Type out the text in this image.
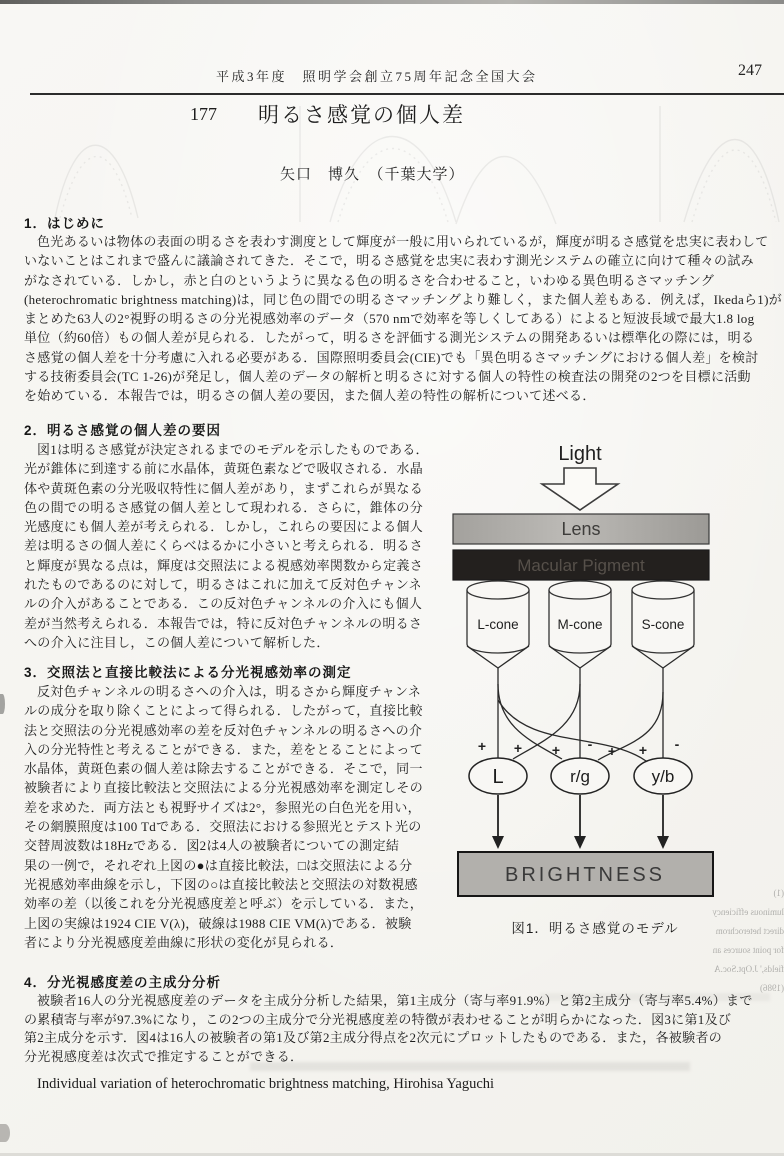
平成3年度　照明学会創立75周年記念全国大会	247
177 明るさ感覚の個人差
矢口　博久　（千葉大学）
1．はじめに
色光あるいは物体の表面の明るさを表わす測度として輝度が一般に用いられているが，輝度が明るさ感覚を忠実に表わして
いないことはこれまで盛んに議論されてきた．そこで，明るさ感覚を忠実に表わす測光システムの確立に向けて種々の試み
がなされている．しかし，赤と白のというように異なる色の明るさを合わせること，いわゆる異色明るさマッチング
(heterochromatic brightness matching)は，同じ色の間での明るさマッチングより難しく，また個人差もある．例えば，Ikedaら1)が
まとめた63人の2°視野の明るさの分光視感効率のデータ（570 nmで効率を等しくしてある）によると短波長域で最大1.8 log
単位（約60倍）もの個人差が見られる．したがって，明るさを評価する測光システムの開発あるいは標準化の際には，明る
さ感覚の個人差を十分考慮に入れる必要がある．国際照明委員会(CIE)でも「異色明るさマッチングにおける個人差」を検討
する技術委員会(TC 1-26)が発足し，個人差のデータの解析と明るさに対する個人の特性の検査法の開発の2つを目標に活動
を始めている．本報告では，明るさの個人差の要因，また個人差の特性の解析について述べる．
2．明るさ感覚の個人差の要因
図1は明るさ感覚が決定されるまでのモデルを示したものである．
光が錐体に到達する前に水晶体，黄斑色素などで吸収される．水晶
体や黄斑色素の分光吸収特性に個人差があり，まずこれらが異なる
色の間での明るさ感覚の個人差として現われる．さらに，錐体の分
光感度にも個人差が考えられる．しかし，これらの要因による個人
差は明るさの個人差にくらべはるかに小さいと考えられる．明るさ
と輝度が異なる点は，輝度は交照法による視感効率関数から定義さ
れたものであるのに対して，明るさはこれに加えて反対色チャンネ
ルの介入があることである．この反対色チャンネルの介入にも個人
差が当然考えられる．本報告では，特に反対色チャンネルの明るさ
への介入に注目し，この個人差について解析した．
3．交照法と直接比較法による分光視感効率の測定
反対色チャンネルの明るさへの介入は，明るさから輝度チャンネ
ルの成分を取り除くことによって得られる．したがって，直接比較
法と交照法の分光視感効率の差を反対色チャンネルの明るさへの介
入の分光特性と考えることができる．また，差をとることによって
水晶体，黄斑色素の個人差は除去することができる．そこで，同一
被験者により直接比較法と交照法による分光視感効率を測定しその
差を求めた．両方法とも視野サイズは2°，参照光の白色光を用い，
その網膜照度は100 Tdである．交照法における参照光とテスト光の
交替周波数は18Hzである．図2は4人の被験者についての測定結
果の一例で，それぞれ上図の●は直接比較法，□は交照法による分
光視感効率曲線を示し，下図の○は直接比較法と交照法の対数視感
効率の差（以後これを分光視感度差と呼ぶ）を示している．また，
上図の実線は1924 CIE V(λ)，破線は1988 CIE VM(λ)である．被験
者により分光視感度差曲線に形状の変化が見られる．
Light
Lens
Macular Pigment
L-cone	M-cone	S-cone
+ + + - + + -
L	r/g	y/b
BRIGHTNESS
図1．明るさ感覚のモデル
(1)
luminous efficiency
direct heterochrom
for point sources an
fields,' J.Opt.Soc.A
(1986)
4．分光視感度差の主成分分析
被験者16人の分光視感度差のデータを主成分分析した結果，第1主成分（寄与率91.9%）と第2主成分（寄与率5.4%）まで
の累積寄与率が97.3%になり，この2つの主成分で分光視感度差の特徴が表わせることが明らかになった．図3に第1及び
第2主成分を示す．図4は16人の被験者の第1及び第2主成分得点を2次元にプロットしたものである．また，各被験者の
分光視感度差は次式で推定することができる．
Individual variation of heterochromatic brightness matching, Hirohisa Yaguchi
